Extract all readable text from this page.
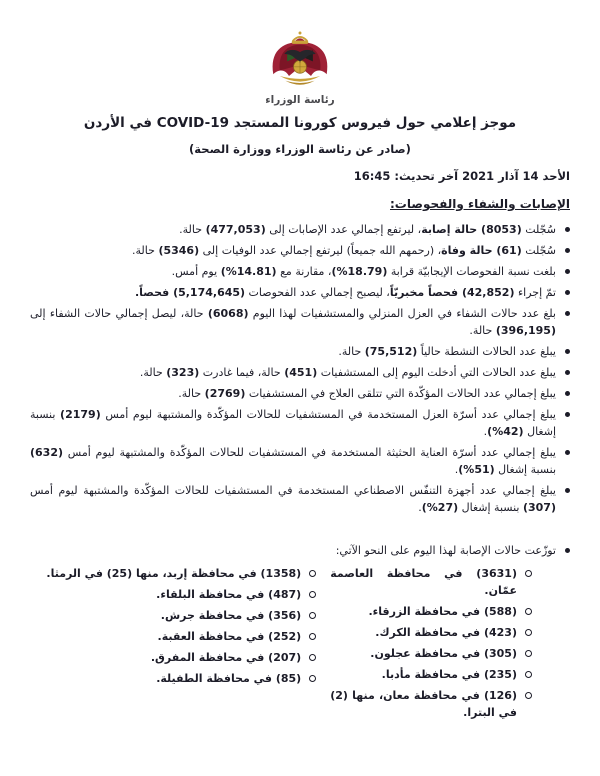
رئاسة الوزراء
موجز إعلامي حول فيروس كورونا المستجد COVID-19 في الأردن
(صادر عن رئاسة الوزراء ووزارة الصحة)
الأحد 14 آذار 2021 آخر تحديث: 16:45
الإصابات والشفاء والفحوصات:
سُجّلت (8053) حالة إصابة، ليرتفع إجمالي عدد الإصابات إلى (477,053) حالة.
سُجّلت (61) حالة وفاة، (رحمهم الله جميعاً) ليرتفع إجمالي عدد الوفيات إلى (5346) حالة.
بلغت نسبة الفحوصات الإيجابيّة قرابة (18.79%)، مقارنة مع (14.81%) يوم أمس.
تمّ إجراء (42,852) فحصاً مخبريّاً، ليصبح إجمالي عدد الفحوصات (5,174,645) فحصاً.
بلغ عدد حالات الشفاء في العزل المنزلي والمستشفيات لهذا اليوم (6068) حالة، ليصل إجمالي حالات الشفاء إلى (396,195) حالة.
يبلغ عدد الحالات النشطة حالياً (75,512) حالة.
يبلغ عدد الحالات التي أدخلت اليوم إلى المستشفيات (451) حالة، فيما غادرت (323) حالة.
يبلغ إجمالي عدد الحالات المؤكّدة التي تتلقى العلاج في المستشفيات (2769) حالة.
يبلغ إجمالي عدد أسرّة العزل المستخدمة في المستشفيات للحالات المؤكّدة والمشتبهة ليوم أمس (2179) بنسبة إشغال (42%).
يبلغ إجمالي عدد أسرّة العناية الحثيثة المستخدمة في المستشفيات للحالات المؤكّدة والمشتبهة ليوم أمس (632) بنسبة إشغال (51%).
يبلغ إجمالي عدد أجهزة التنفّس الاصطناعي المستخدمة في المستشفيات للحالات المؤكّدة والمشتبهة ليوم أمس (307) بنسبة إشغال (27%).
توزّعت حالات الإصابة لهذا اليوم على النحو الآتي:
(3631) في محافظة العاصمة عمّان.
(588) في محافظة الزرقاء.
(423) في محافظة الكرك.
(305) في محافظة عجلون.
(235) في محافظة مأدبا.
(126) في محافظة معان، منها (2) في البترا.
(1358) في محافظة إربد، منها (25) في الرمثا.
(487) في محافظة البلقاء.
(356) في محافظة جرش.
(252) في محافظة العقبة.
(207) في محافظة المفرق.
(85) في محافظة الطفيلة.
